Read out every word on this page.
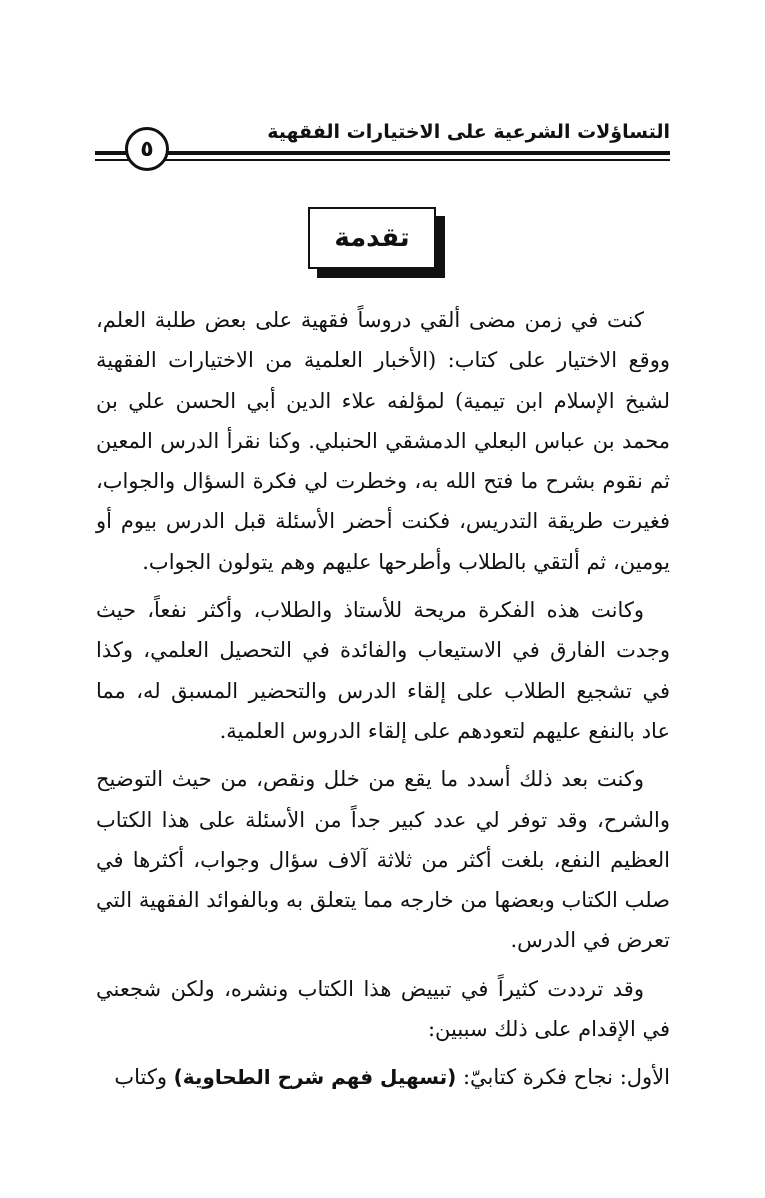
التساؤلات الشرعية على الاختيارات الفقهية
٥
تقدمة

كنت في زمن مضى ألقي دروساً فقهية على بعض طلبة العلم، ووقع الاختيار على كتاب: (الأخبار العلمية من الاختيارات الفقهية لشيخ الإسلام ابن تيمية) لمؤلفه علاء الدين أبي الحسن علي بن محمد بن عباس البعلي الدمشقي الحنبلي. وكنا نقرأ الدرس المعين ثم نقوم بشرح ما فتح الله به، وخطرت لي فكرة السؤال والجواب، فغيرت طريقة التدريس، فكنت أحضر الأسئلة قبل الدرس بيوم أو يومين، ثم ألتقي بالطلاب وأطرحها عليهم وهم يتولون الجواب.

وكانت هذه الفكرة مريحة للأستاذ والطلاب، وأكثر نفعاً، حيث وجدت الفارق في الاستيعاب والفائدة في التحصيل العلمي، وكذا في تشجيع الطلاب على إلقاء الدرس والتحضير المسبق له، مما عاد بالنفع عليهم لتعودهم على إلقاء الدروس العلمية.

وكنت بعد ذلك أسدد ما يقع من خلل ونقص، من حيث التوضيح والشرح، وقد توفر لي عدد كبير جداً من الأسئلة على هذا الكتاب العظيم النفع، بلغت أكثر من ثلاثة آلاف سؤال وجواب، أكثرها في صلب الكتاب وبعضها من خارجه مما يتعلق به وبالفوائد الفقهية التي تعرض في الدرس.

وقد ترددت كثيراً في تبييض هذا الكتاب ونشره، ولكن شجعني في الإقدام على ذلك سببين:

الأول: نجاح فكرة كتابيّ: (تسهيل فهم شرح الطحاوية) وكتاب
